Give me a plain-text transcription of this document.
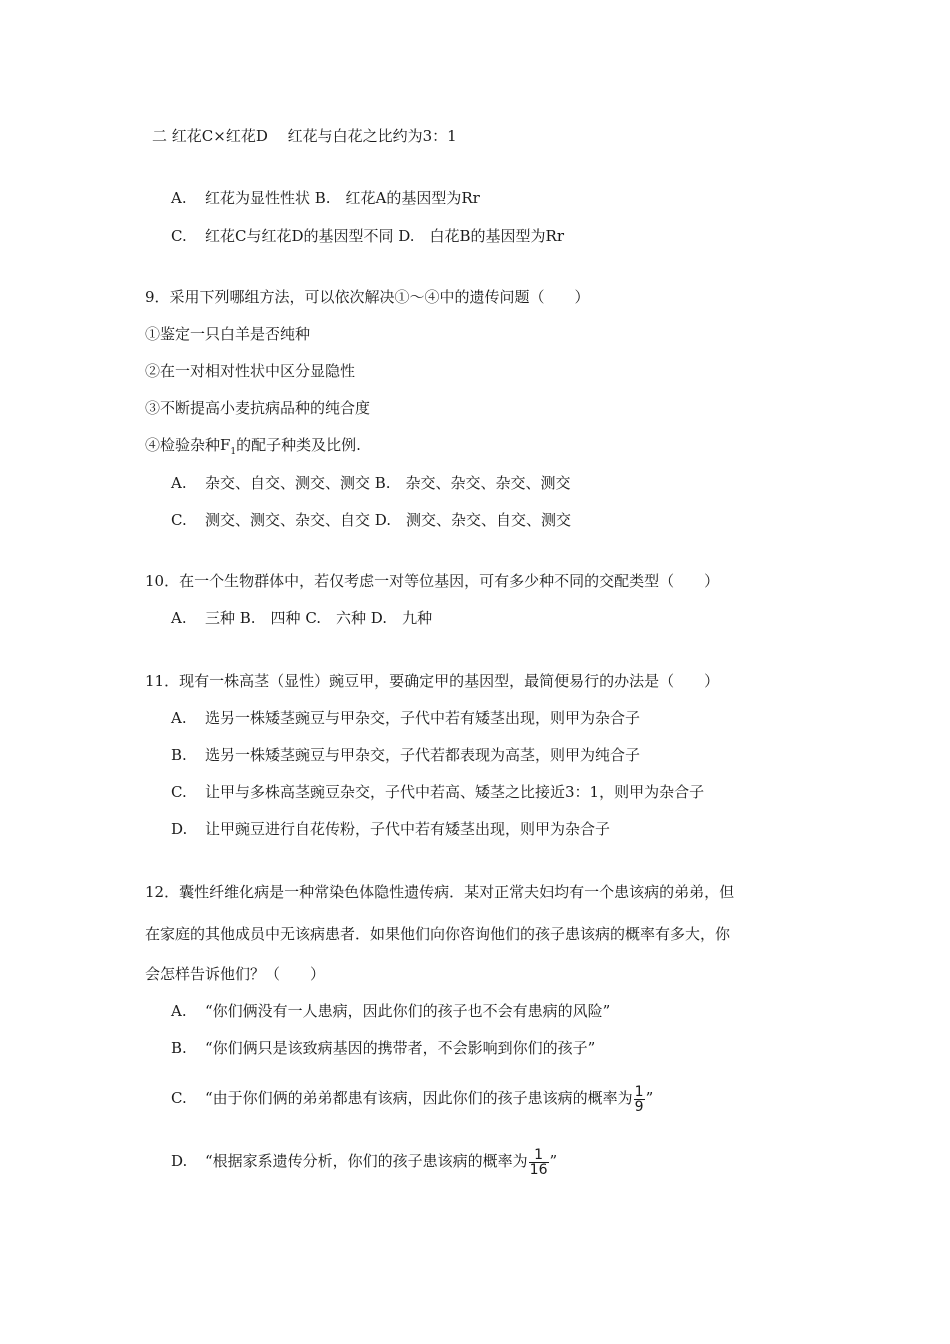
二 红花C×红花D　 红花与白花之比约为3：1
A. 红花为显性性状 B.　红花A的基因型为Rr
C. 红花C与红花D的基因型不同 D.　白花B的基因型为Rr
9．采用下列哪组方法，可以依次解决①～④中的遗传问题（　　）
①鉴定一只白羊是否纯种
②在一对相对性状中区分显隐性
③不断提高小麦抗病品种的纯合度
④检验杂种$F_1$的配子种类及比例.
A. 杂交、自交、测交、测交 B.　杂交、杂交、杂交、测交
C. 测交、测交、杂交、自交 D.　测交、杂交、自交、测交
10．在一个生物群体中，若仅考虑一对等位基因，可有多少种不同的交配类型（　　）
A. 三种 B.　四种 C.　六种 D.　九种
11．现有一株高茎（显性）豌豆甲，要确定甲的基因型，最简便易行的办法是（　　）
A. 选另一株矮茎豌豆与甲杂交，子代中若有矮茎出现，则甲为杂合子
B. 选另一株矮茎豌豆与甲杂交，子代若都表现为高茎，则甲为纯合子
C. 让甲与多株高茎豌豆杂交，子代中若高、矮茎之比接近3：1，则甲为杂合子
D. 让甲豌豆进行自花传粉，子代中若有矮茎出现，则甲为杂合子
12．囊性纤维化病是一种常染色体隐性遗传病．某对正常夫妇均有一个患该病的弟弟，但
在家庭的其他成员中无该病患者．如果他们向你咨询他们的孩子患该病的概率有多大，你
会怎样告诉他们？（　　）
A. “你们俩没有一人患病，因此你们的孩子也不会有患病的风险”
B. “你们俩只是该致病基因的携带者，不会影响到你们的孩子”
C. “由于你们俩的弟弟都患有该病，因此你们的孩子患该病的概率为 $\frac{1}{9}$ ”
D. “根据家系遗传分析，你们的孩子患该病的概率为 $\frac{1}{16}$ ”
